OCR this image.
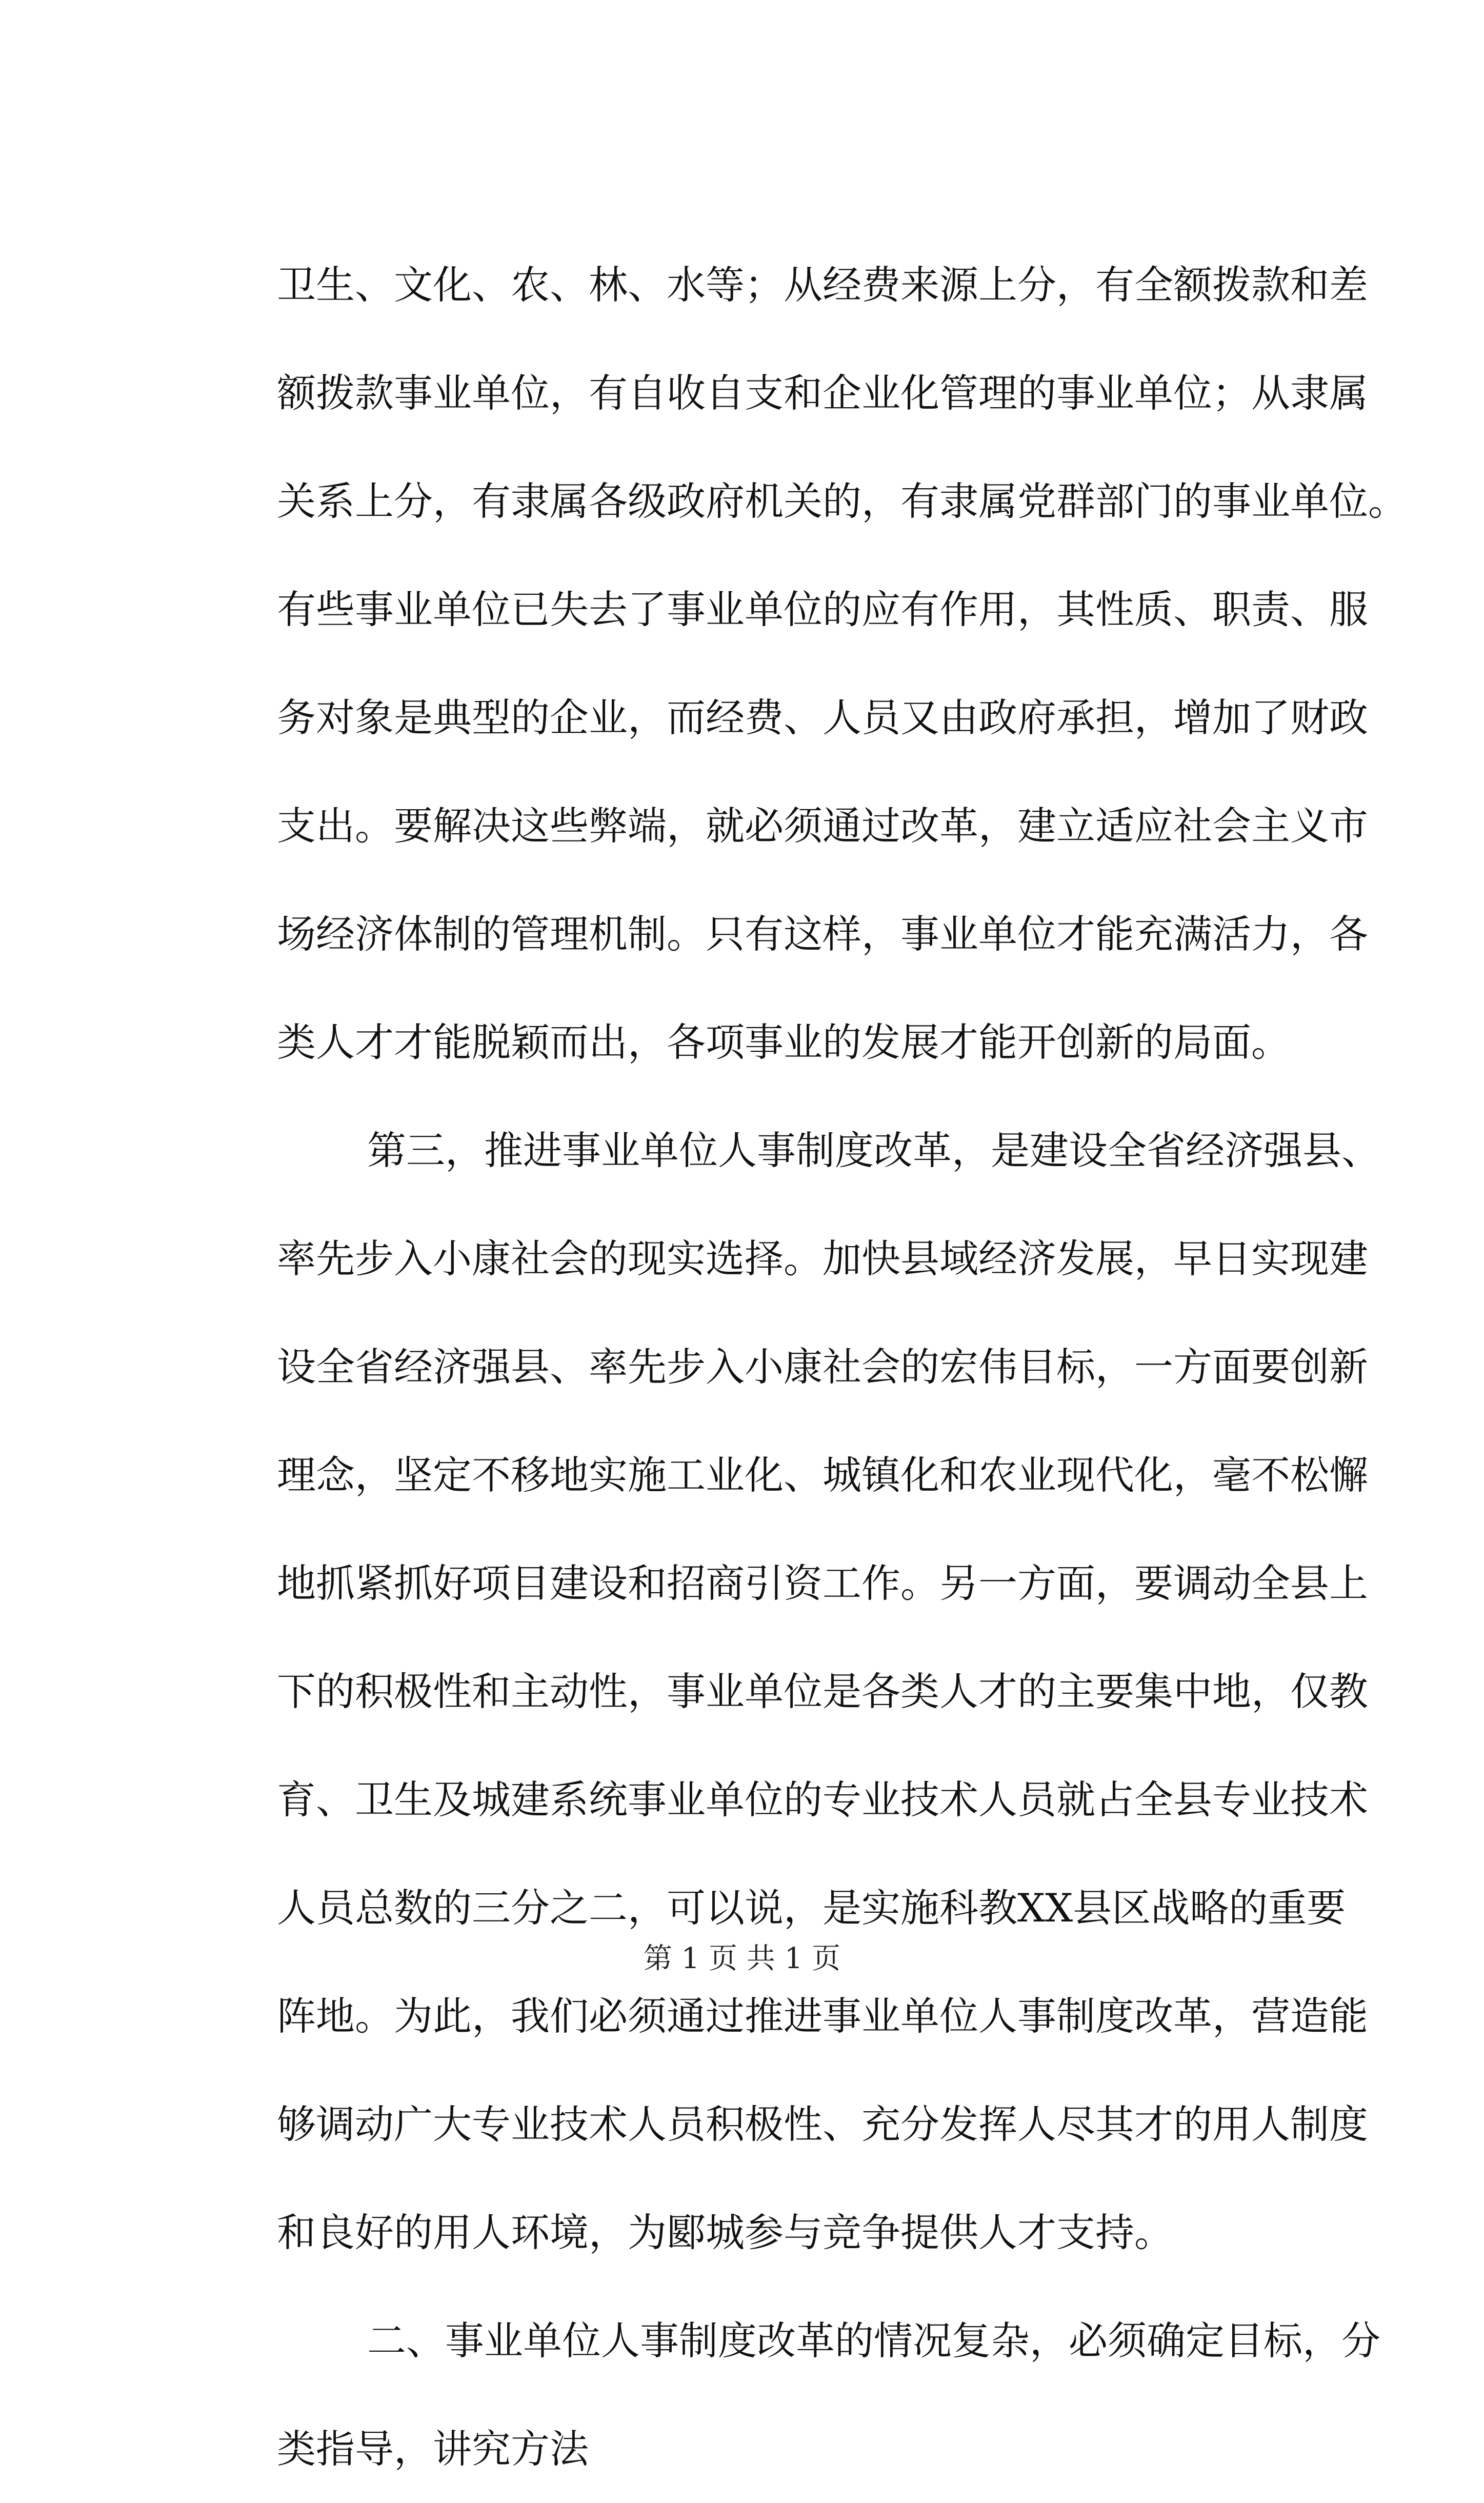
卫生、文化、农、林、水等；从经费来源上分，有全额拨款和差
额拨款事业单位，有自收自支和企业化管理的事业单位；从隶属
关系上分，有隶属各级政府机关的，有隶属党群部门的事业单位。
有些事业单位已失去了事业单位的应有作用，其性质、职责、服
务对象是典型的企业，而经费、人员又由政府承担，增加了财政
支出。要解决这些弊端，就必须通过改革，建立适应社会主义市
场经济体制的管理机制。只有这样，事业单位才能充满活力，各
类人才才能脱颖而出，各项事业的发展才能开创新的局面。
第三，推进事业单位人事制度改革，是建设全省经济强县、
率先步入小康社会的现实选择。加快县域经济发展，早日实现建
设全省经济强县、率先步入小康社会的宏伟目标，一方面要创新
理念，坚定不移地实施工业化、城镇化和农业现代化，毫不松懈
地抓紧抓好项目建设和招商引资工作。另一方面，要调动全县上
下的积极性和主动性，事业单位是各类人才的主要集中地，仅教
育、卫生及城建系统事业单位的专业技术人员就占全县专业技术
人员总数的三分之二，可以说，是实施科教XX县区战略的重要
阵地。为此，我们必须通过推进事业单位人事制度改革，营造能
够调动广大专业技术人员积极性、充分发挥人尽其才的用人制度
和良好的用人环境，为郾城参与竞争提供人才支持。
二、事业单位人事制度改革的情况复杂，必须确定目标，分
类指导，讲究方法
第 1 页 共 1 页
